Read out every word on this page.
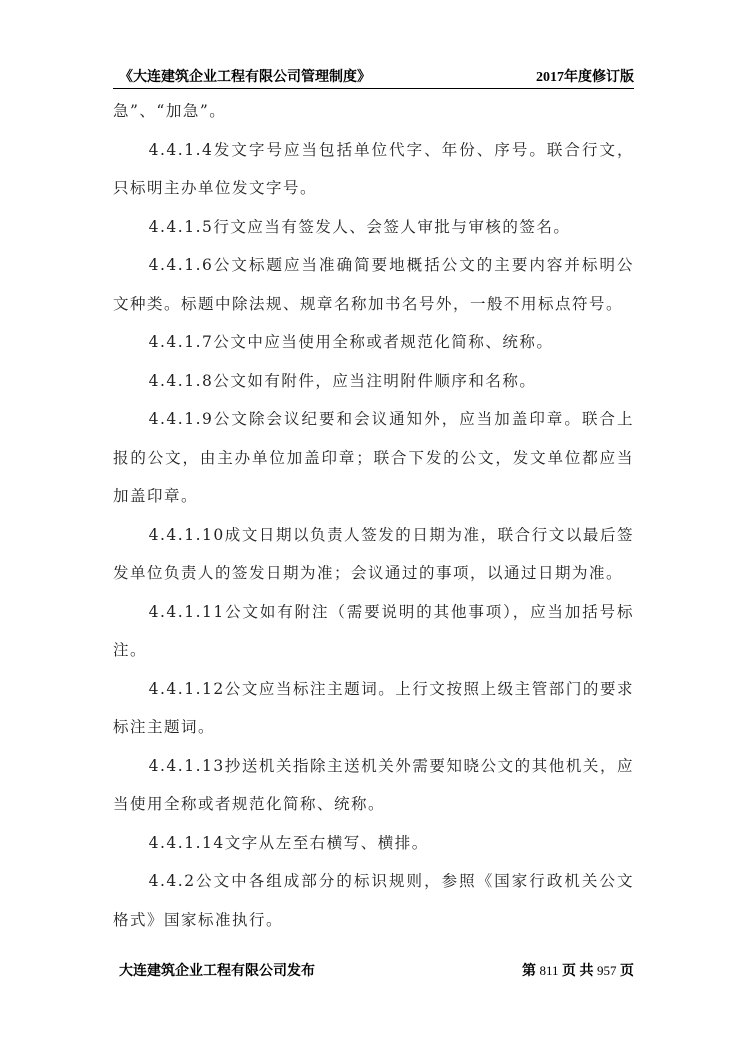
《大连建筑企业工程有限公司管理制度》	2017年度修订版

急”、“加急”。

4.4.1.4发文字号应当包括单位代字、年份、序号。联合行文，只标明主办单位发文字号。

4.4.1.5行文应当有签发人、会签人审批与审核的签名。

4.4.1.6公文标题应当准确简要地概括公文的主要内容并标明公文种类。标题中除法规、规章名称加书名号外，一般不用标点符号。

4.4.1.7公文中应当使用全称或者规范化简称、统称。

4.4.1.8公文如有附件，应当注明附件顺序和名称。

4.4.1.9公文除会议纪要和会议通知外，应当加盖印章。联合上报的公文，由主办单位加盖印章；联合下发的公文，发文单位都应当加盖印章。

4.4.1.10成文日期以负责人签发的日期为准，联合行文以最后签发单位负责人的签发日期为准；会议通过的事项，以通过日期为准。

4.4.1.11公文如有附注（需要说明的其他事项），应当加括号标注。

4.4.1.12公文应当标注主题词。上行文按照上级主管部门的要求标注主题词。

4.4.1.13抄送机关指除主送机关外需要知晓公文的其他机关，应当使用全称或者规范化简称、统称。

4.4.1.14文字从左至右横写、横排。

4.4.2公文中各组成部分的标识规则，参照《国家行政机关公文格式》国家标准执行。

大连建筑企业工程有限公司发布	第 811 页 共 957 页
